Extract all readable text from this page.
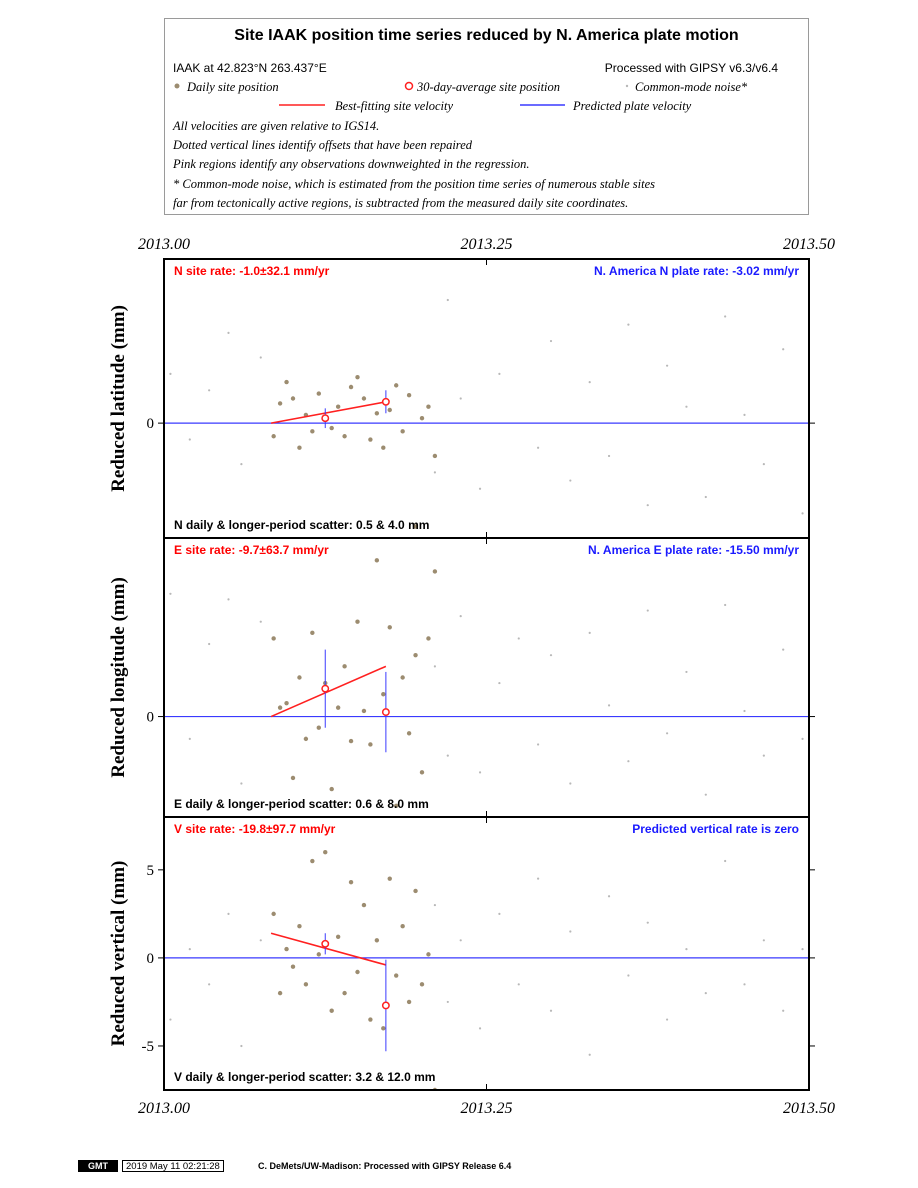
Site IAAK position time series reduced by N. America plate motion
IAAK at 42.823°N 263.437°E	Processed with GIPSY v6.3/v6.4
Daily site position	30-day-average site position	Common-mode noise*
Best-fitting site velocity	Predicted plate velocity
All velocities are given relative to IGS14.
Dotted vertical lines identify offsets that have been repaired
Pink regions identify any observations downweighted in the regression.
* Common-mode noise, which is estimated from the position time series of numerous stable sites
far from tectonically active regions, is subtracted from the measured daily site coordinates.
0
Reduced latitude (mm)
N site rate: -1.0±32.1 mm/yr	N. America N plate rate: -3.02 mm/yr
N daily & longer-period scatter: 0.5 & 4.0 mm
0
Reduced longitude (mm)
E site rate: -9.7±63.7 mm/yr	N. America E plate rate: -15.50 mm/yr
E daily & longer-period scatter: 0.6 & 8.0 mm
-5
0
5
Reduced vertical (mm)
V site rate: -19.8±97.7 mm/yr	Predicted vertical rate is zero
V daily & longer-period scatter: 3.2 & 12.0 mm
2013.00	2013.25	2013.50
2013.00	2013.25	2013.50
GMT	2019 May 11 02:21:28	C. DeMets/UW-Madison: Processed with GIPSY Release 6.4
